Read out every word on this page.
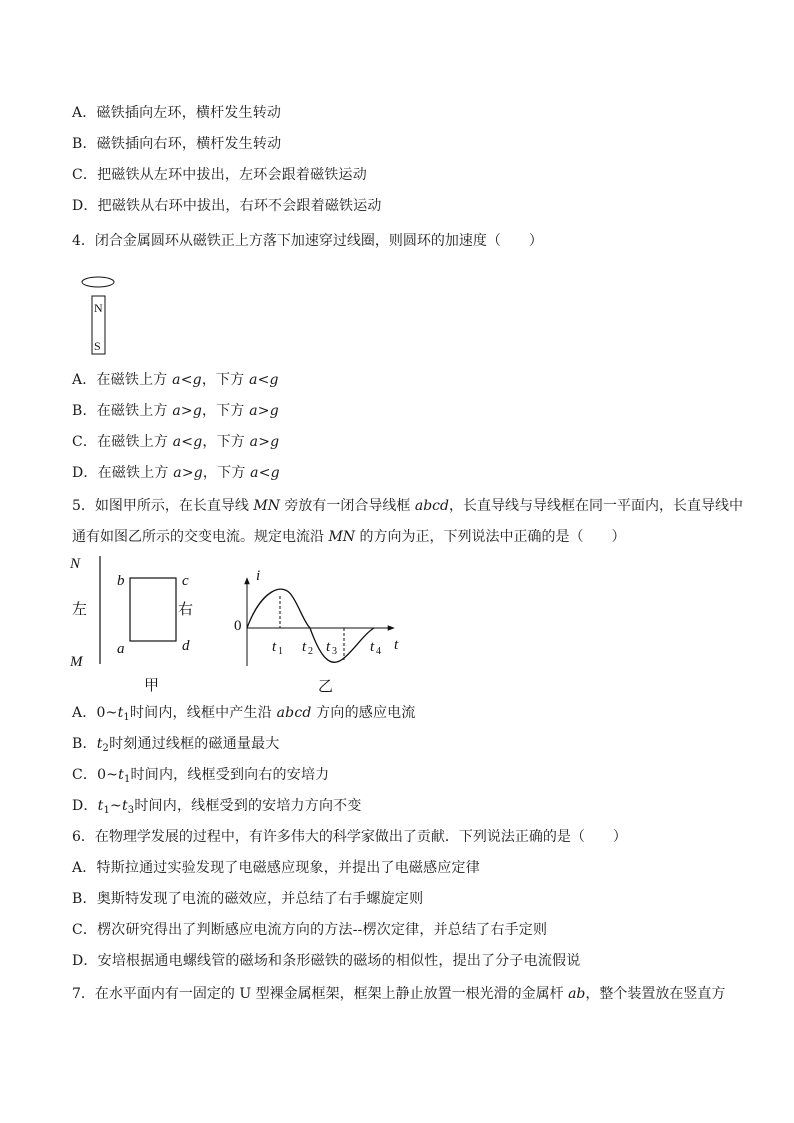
A．磁铁插向左环，横杆发生转动
B．磁铁插向右环，横杆发生转动
C．把磁铁从左环中拔出，左环会跟着磁铁运动
D．把磁铁从右环中拔出，右环不会跟着磁铁运动
4．闭合金属圆环从磁铁正上方落下加速穿过线圈，则圆环的加速度（　　）
N
S
A．在磁铁上方 a<g，下方 a<g
B．在磁铁上方 a>g，下方 a>g
C．在磁铁上方 a<g，下方 a>g
D．在磁铁上方 a>g，下方 a<g
5．如图甲所示，在长直导线 MN 旁放有一闭合导线框 abcd，长直导线与导线框在同一平面内，长直导线中
通有如图乙所示的交变电流。规定电流沿 MN 的方向为正，下列说法中正确的是（　　）
N
M
左
b	c
a	d
右
甲
i
t
0
t 1 t 2 t 3 t 4
乙
A．$0\sim t_1$时间内，线框中产生沿 abcd 方向的感应电流
B．$t_2$时刻通过线框的磁通量最大
C．$0\sim t_1$时间内，线框受到向右的安培力
D．$t_1\sim t_3$时间内，线框受到的安培力方向不变
6．在物理学发展的过程中，有许多伟大的科学家做出了贡献．下列说法正确的是（　　）
A．特斯拉通过实验发现了电磁感应现象，并提出了电磁感应定律
B．奥斯特发现了电流的磁效应，并总结了右手螺旋定则
C．楞次研究得出了判断感应电流方向的方法--楞次定律，并总结了右手定则
D．安培根据通电螺线管的磁场和条形磁铁的磁场的相似性，提出了分子电流假说
7．在水平面内有一固定的 U 型裸金属框架，框架上静止放置一根光滑的金属杆 ab，整个装置放在竖直方
